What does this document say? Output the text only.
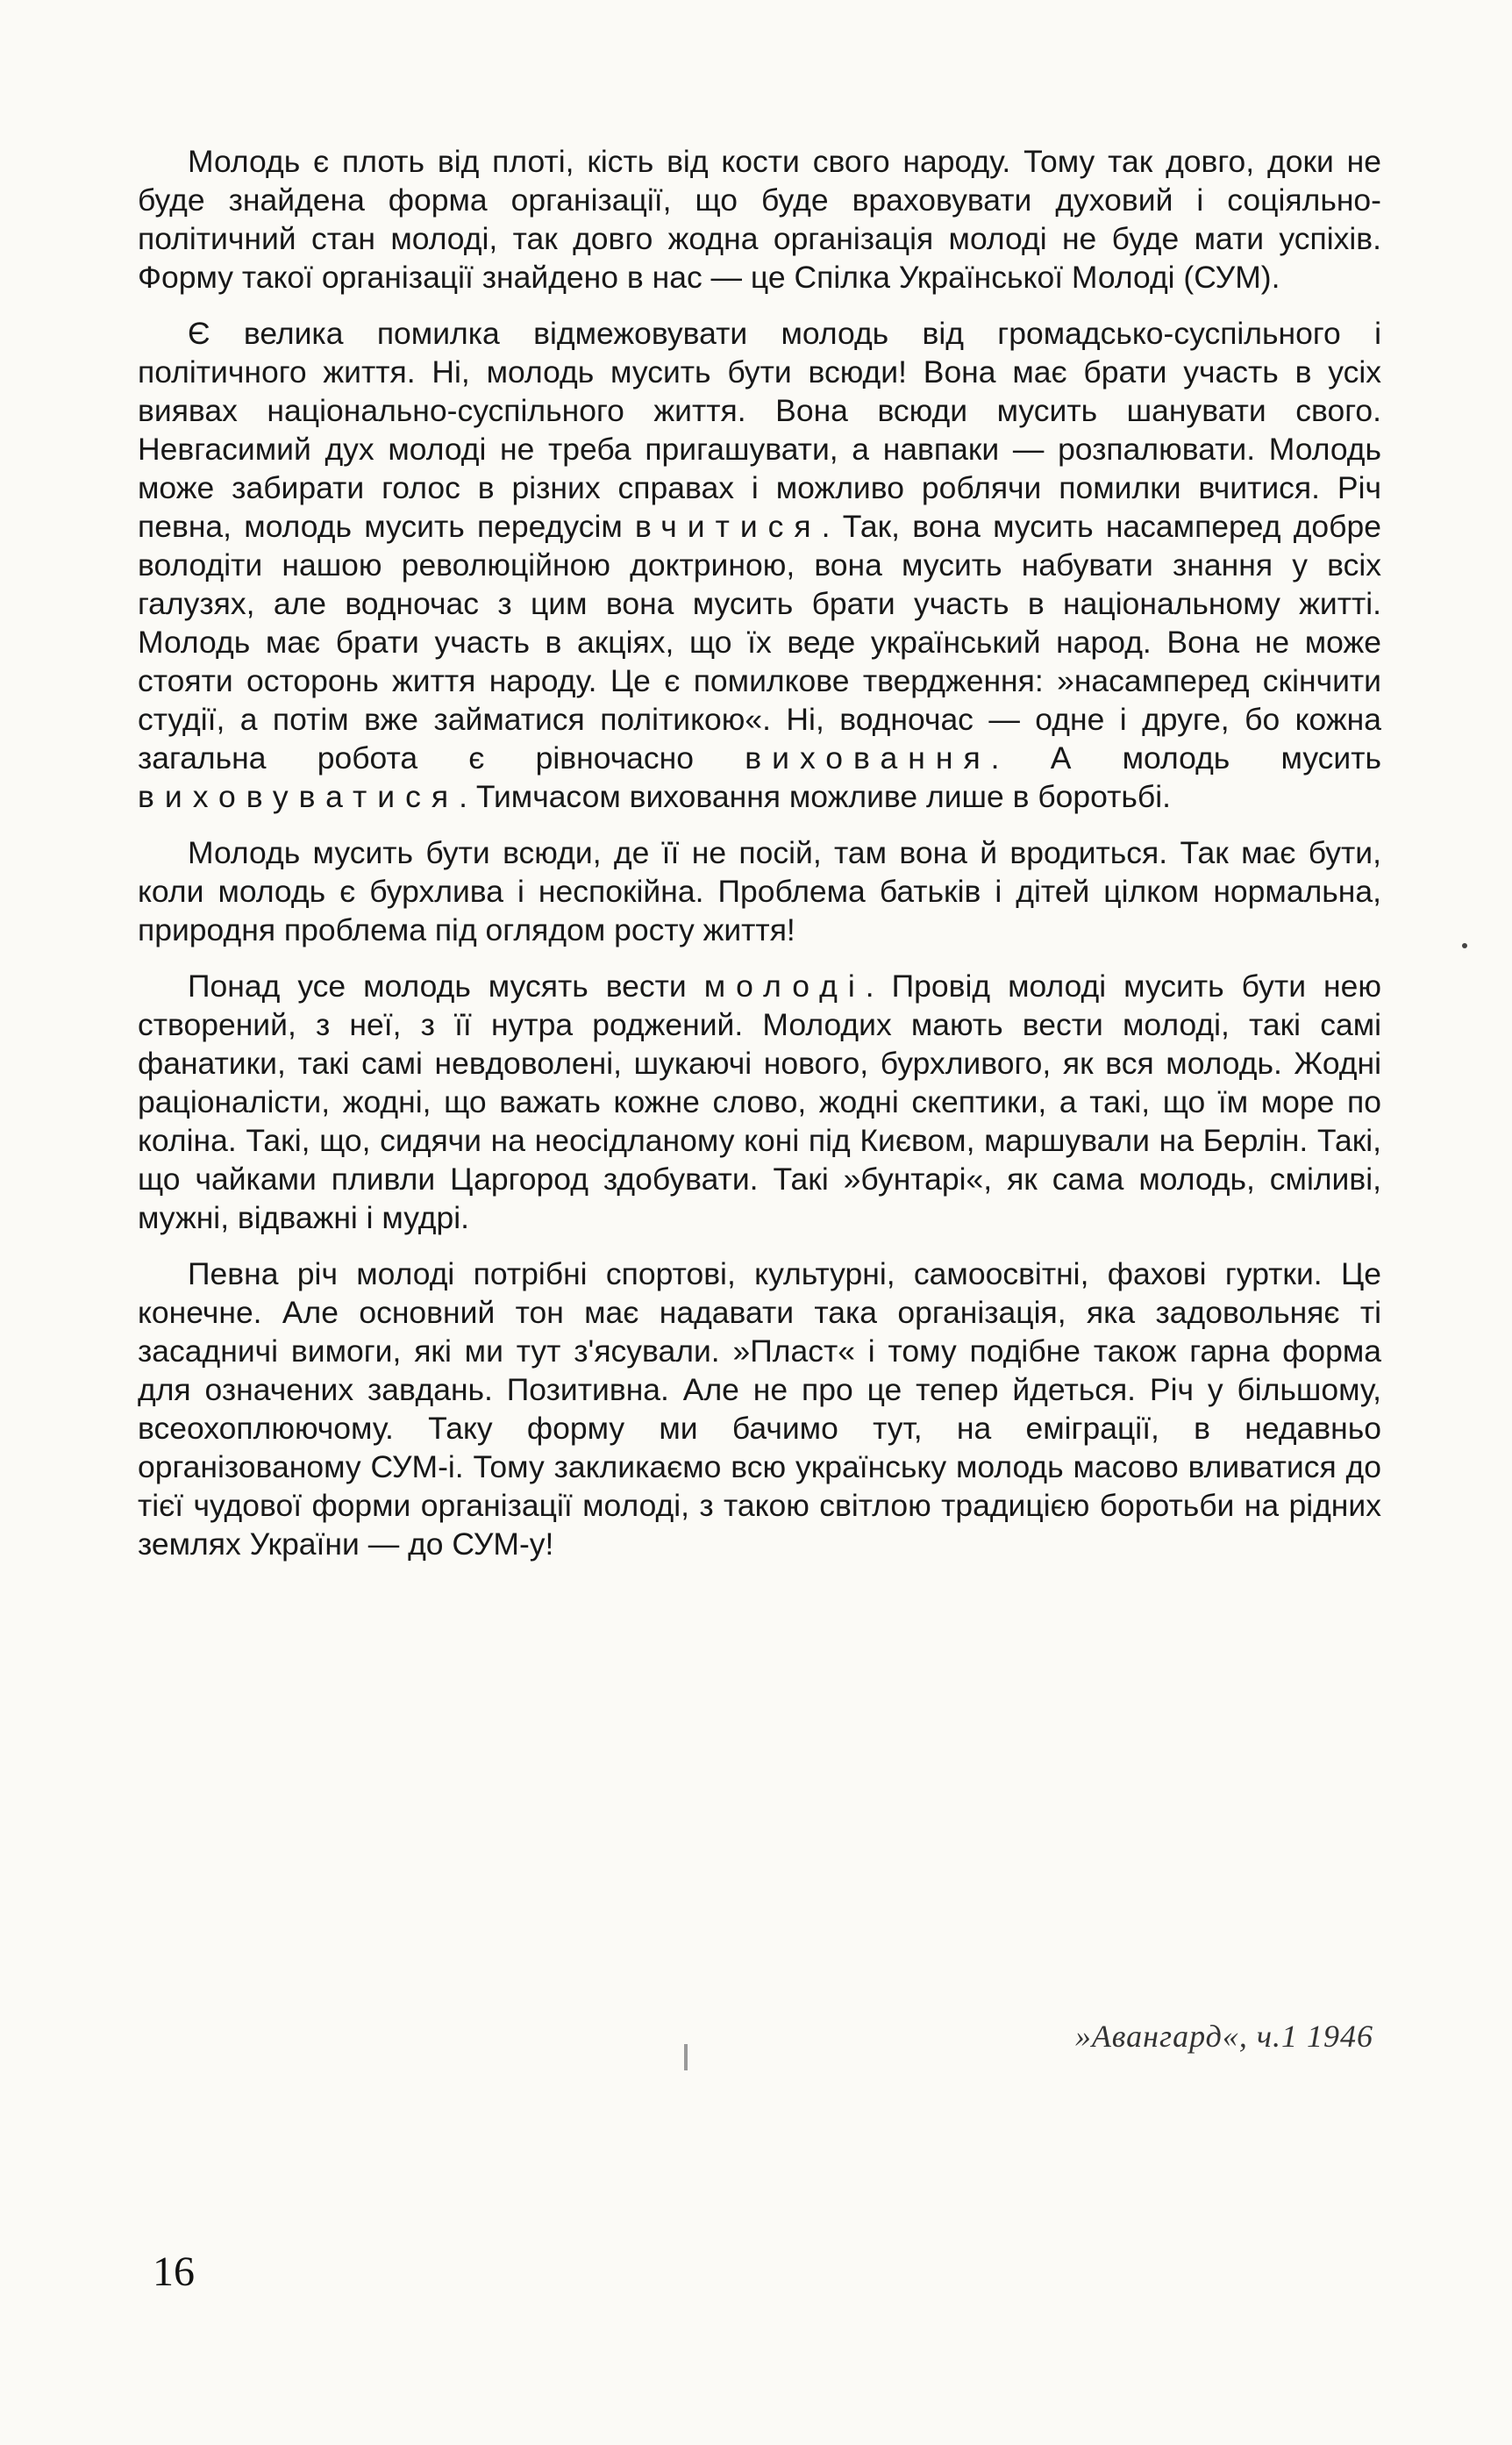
Молодь є плоть від плоті, кість від кости свого народу. Тому так довго, доки не буде знайдена форма організації, що буде враховувати духовий і соціяльно-політичний стан молоді, так довго жодна організація молоді не буде мати успіхів. Форму такої організації знайдено в нас — це Спілка Української Молоді (СУМ).

Є велика помилка відмежовувати молодь від громадсько-суспільного і політичного життя. Ні, молодь мусить бути всюди! Вона має брати участь в усіх виявах національно-суспільного життя. Вона всюди мусить шанувати свого. Невгасимий дух молоді не треба пригашувати, а навпаки — розпалювати. Молодь може забирати голос в різних справах і можливо роблячи помилки вчитися. Річ певна, молодь мусить передусім вчитися. Так, вона мусить насамперед добре володіти нашою революційною доктриною, вона мусить набувати знання у всіх галузях, але водночас з цим вона мусить брати участь в національному житті. Молодь має брати участь в акціях, що їх веде український народ. Вона не може стояти осторонь життя народу. Це є помилкове твердження: »насамперед скінчити студії, а потім вже займатися політикою«. Ні, водночас — одне і друге, бо кожна загальна робота є рівночасно виховання. А молодь мусить виховуватися. Тимчасом виховання можливе лише в боротьбі.

Молодь мусить бути всюди, де її не посій, там вона й вродиться. Так має бути, коли молодь є бурхлива і неспокійна. Проблема батьків і дітей цілком нормальна, природня проблема під оглядом росту життя!

Понад усе молодь мусять вести молоді. Провід молоді мусить бути нею створений, з неї, з її нутра роджений. Молодих мають вести молоді, такі самі фанатики, такі самі невдоволені, шукаючі нового, бурхливого, як вся молодь. Жодні раціоналісти, жодні, що важать кожне слово, жодні скептики, а такі, що їм море по коліна. Такі, що, сидячи на неосідланому коні під Києвом, маршували на Берлін. Такі, що чайками пливли Царгород здобувати. Такі »бунтарі«, як сама молодь, сміливі, мужні, відважні і мудрі.

Певна річ молоді потрібні спортові, культурні, самоосвітні, фахові гуртки. Це конечне. Але основний тон має надавати така організація, яка задовольняє ті засадничі вимоги, які ми тут з'ясували. »Пласт« і тому подібне також гарна форма для означених завдань. Позитивна. Але не про це тепер йдеться. Річ у більшому, всеохоплюючому. Таку форму ми бачимо тут, на еміграції, в недавньо організованому СУМ-і. Тому закликаємо всю українську молодь масово вливатися до тієї чудової форми організації молоді, з такою світлою традицією боротьби на рідних землях України — до СУМ-у!

»Авангард«, ч.1 1946
16
